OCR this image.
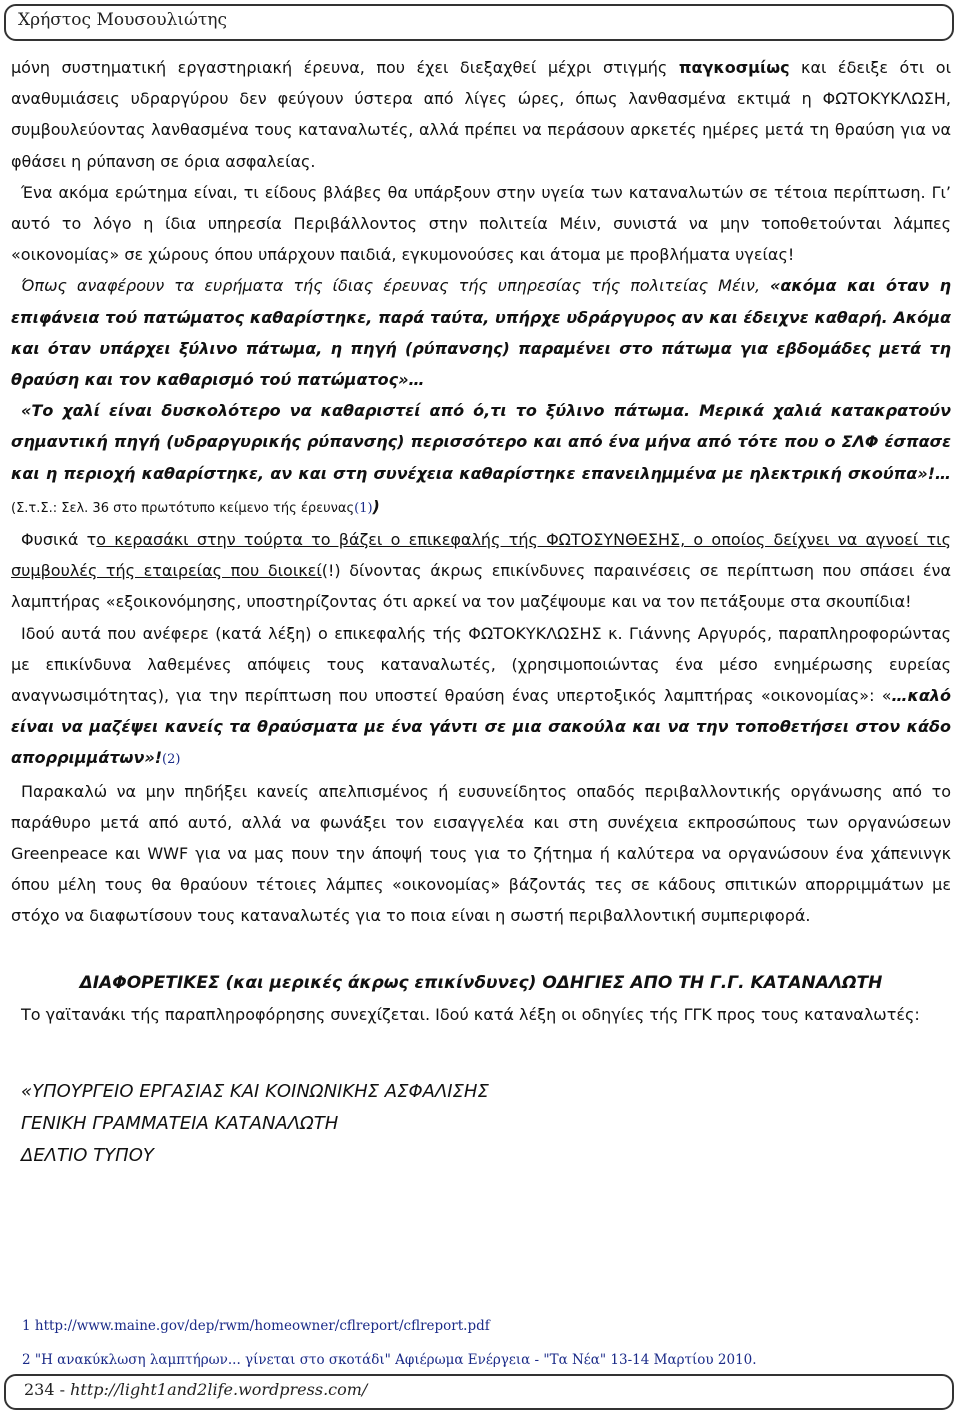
Χρήστος Μουσουλιώτης

μόνη συστηματική εργαστηριακή έρευνα, που έχει διεξαχθεί μέχρι στιγμής παγκοσμίως και έδειξε ότι οι αναθυμιάσεις υδραργύρου δεν φεύγουν ύστερα από λίγες ώρες, όπως λανθασμένα εκτιμά η ΦΩΤΟΚΥΚΛΩΣΗ, συμβουλεύοντας λανθασμένα τους καταναλωτές, αλλά πρέπει να περάσουν αρκετές ημέρες μετά τη θραύση για να φθάσει η ρύπανση σε όρια ασφαλείας.

Ένα ακόμα ερώτημα είναι, τι είδους βλάβες θα υπάρξουν στην υγεία των καταναλωτών σε τέτοια περίπτωση. Γι’ αυτό το λόγο η ίδια υπηρεσία Περιβάλλοντος στην πολιτεία Μέιν, συνιστά να μην τοποθετούνται λάμπες «οικονομίας» σε χώρους όπου υπάρχουν παιδιά, εγκυμονούσες και άτομα με προβλήματα υγείας!

Όπως αναφέρουν τα ευρήματα τής ίδιας έρευνας τής υπηρεσίας τής πολιτείας Μέιν, «ακόμα και όταν η επιφάνεια τού πατώματος καθαρίστηκε, παρά ταύτα, υπήρχε υδράργυρος αν και έδειχνε καθαρή. Ακόμα και όταν υπάρχει ξύλινο πάτωμα, η πηγή (ρύπανσης) παραμένει στο πάτωμα για εβδομάδες μετά τη θραύση και τον καθαρισμό τού πατώματος»…

«Το χαλί είναι δυσκολότερο να καθαριστεί από ό,τι το ξύλινο πάτωμα. Μερικά χαλιά κατακρατούν σημαντική πηγή (υδραργυρικής ρύπανσης) περισσότερο και από ένα μήνα από τότε που ο ΣΛΦ έσπασε και η περιοχή καθαρίστηκε, αν και στη συνέχεια καθαρίστηκε επανειλημμένα με ηλεκτρική σκούπα»!… (Σ.τ.Σ.: Σελ. 36 στο πρωτότυπο κείμενο τής έρευνας(1))

Φυσικά το κερασάκι στην τούρτα το βάζει ο επικεφαλής τής ΦΩΤΟΣΥΝΘΕΣΗΣ, ο οποίος δείχνει να αγνοεί τις συμβουλές τής εταιρείας που διοικεί(!) δίνοντας άκρως επικίνδυνες παραινέσεις σε περίπτωση που σπάσει ένα λαμπτήρας «εξοικονόμησης, υποστηρίζοντας ότι αρκεί να τον μαζέψουμε και να τον πετάξουμε στα σκουπίδια!

Ιδού αυτά που ανέφερε (κατά λέξη) ο επικεφαλής τής ΦΩΤΟΚΥΚΛΩΣΗΣ κ. Γιάννης Αργυρός, παραπληροφορώντας με επικίνδυνα λαθεμένες απόψεις τους καταναλωτές, (χρησιμοποιώντας ένα μέσο ενημέρωσης ευρείας αναγνωσιμότητας), για την περίπτωση που υποστεί θραύση ένας υπερτοξικός λαμπτήρας «οικονομίας»: «…καλό είναι να μαζέψει κανείς τα θραύσματα με ένα γάντι σε μια σακούλα και να την τοποθετήσει στον κάδο απορριμμάτων»!(2)

Παρακαλώ να μην πηδήξει κανείς απελπισμένος ή ευσυνείδητος οπαδός περιβαλλοντικής οργάνωσης από το παράθυρο μετά από αυτό, αλλά να φωνάξει τον εισαγγελέα και στη συνέχεια εκπροσώπους των οργανώσεων Greenpeace και WWF για να μας πουν την άποψή τους για το ζήτημα ή καλύτερα να οργανώσουν ένα χάπενινγκ όπου μέλη τους θα θραύουν τέτοιες λάμπες «οικονομίας» βάζοντάς τες σε κάδους σπιτικών απορριμμάτων με στόχο να διαφωτίσουν τους καταναλωτές για το ποια είναι η σωστή περιβαλλοντική συμπεριφορά.

ΔΙΑΦΟΡΕΤΙΚΕΣ (και μερικές άκρως επικίνδυνες) ΟΔΗΓΙΕΣ ΑΠΟ ΤΗ Γ.Γ. ΚΑΤΑΝΑΛΩΤΗ

Το γαϊτανάκι τής παραπληροφόρησης συνεχίζεται. Ιδού κατά λέξη οι οδηγίες τής ΓΓΚ προς τους καταναλωτές:

«ΥΠΟΥΡΓΕΙΟ ΕΡΓΑΣΙΑΣ ΚΑΙ ΚΟΙΝΩΝΙΚΗΣ ΑΣΦΑΛΙΣΗΣ
ΓΕΝΙΚΗ ΓΡΑΜΜΑΤΕΙΑ ΚΑΤΑΝΑΛΩΤΗ
ΔΕΛΤΙΟ ΤΥΠΟΥ
1 http://www.maine.gov/dep/rwm/homeowner/cflreport/cflreport.pdf
2 "Η ανακύκλωση λαμπτήρων... γίνεται στο σκοτάδι" Αφιέρωμα Ενέργεια - "Τα Νέα" 13-14 Μαρτίου 2010.
234 - http://light1and2life.wordpress.com/
